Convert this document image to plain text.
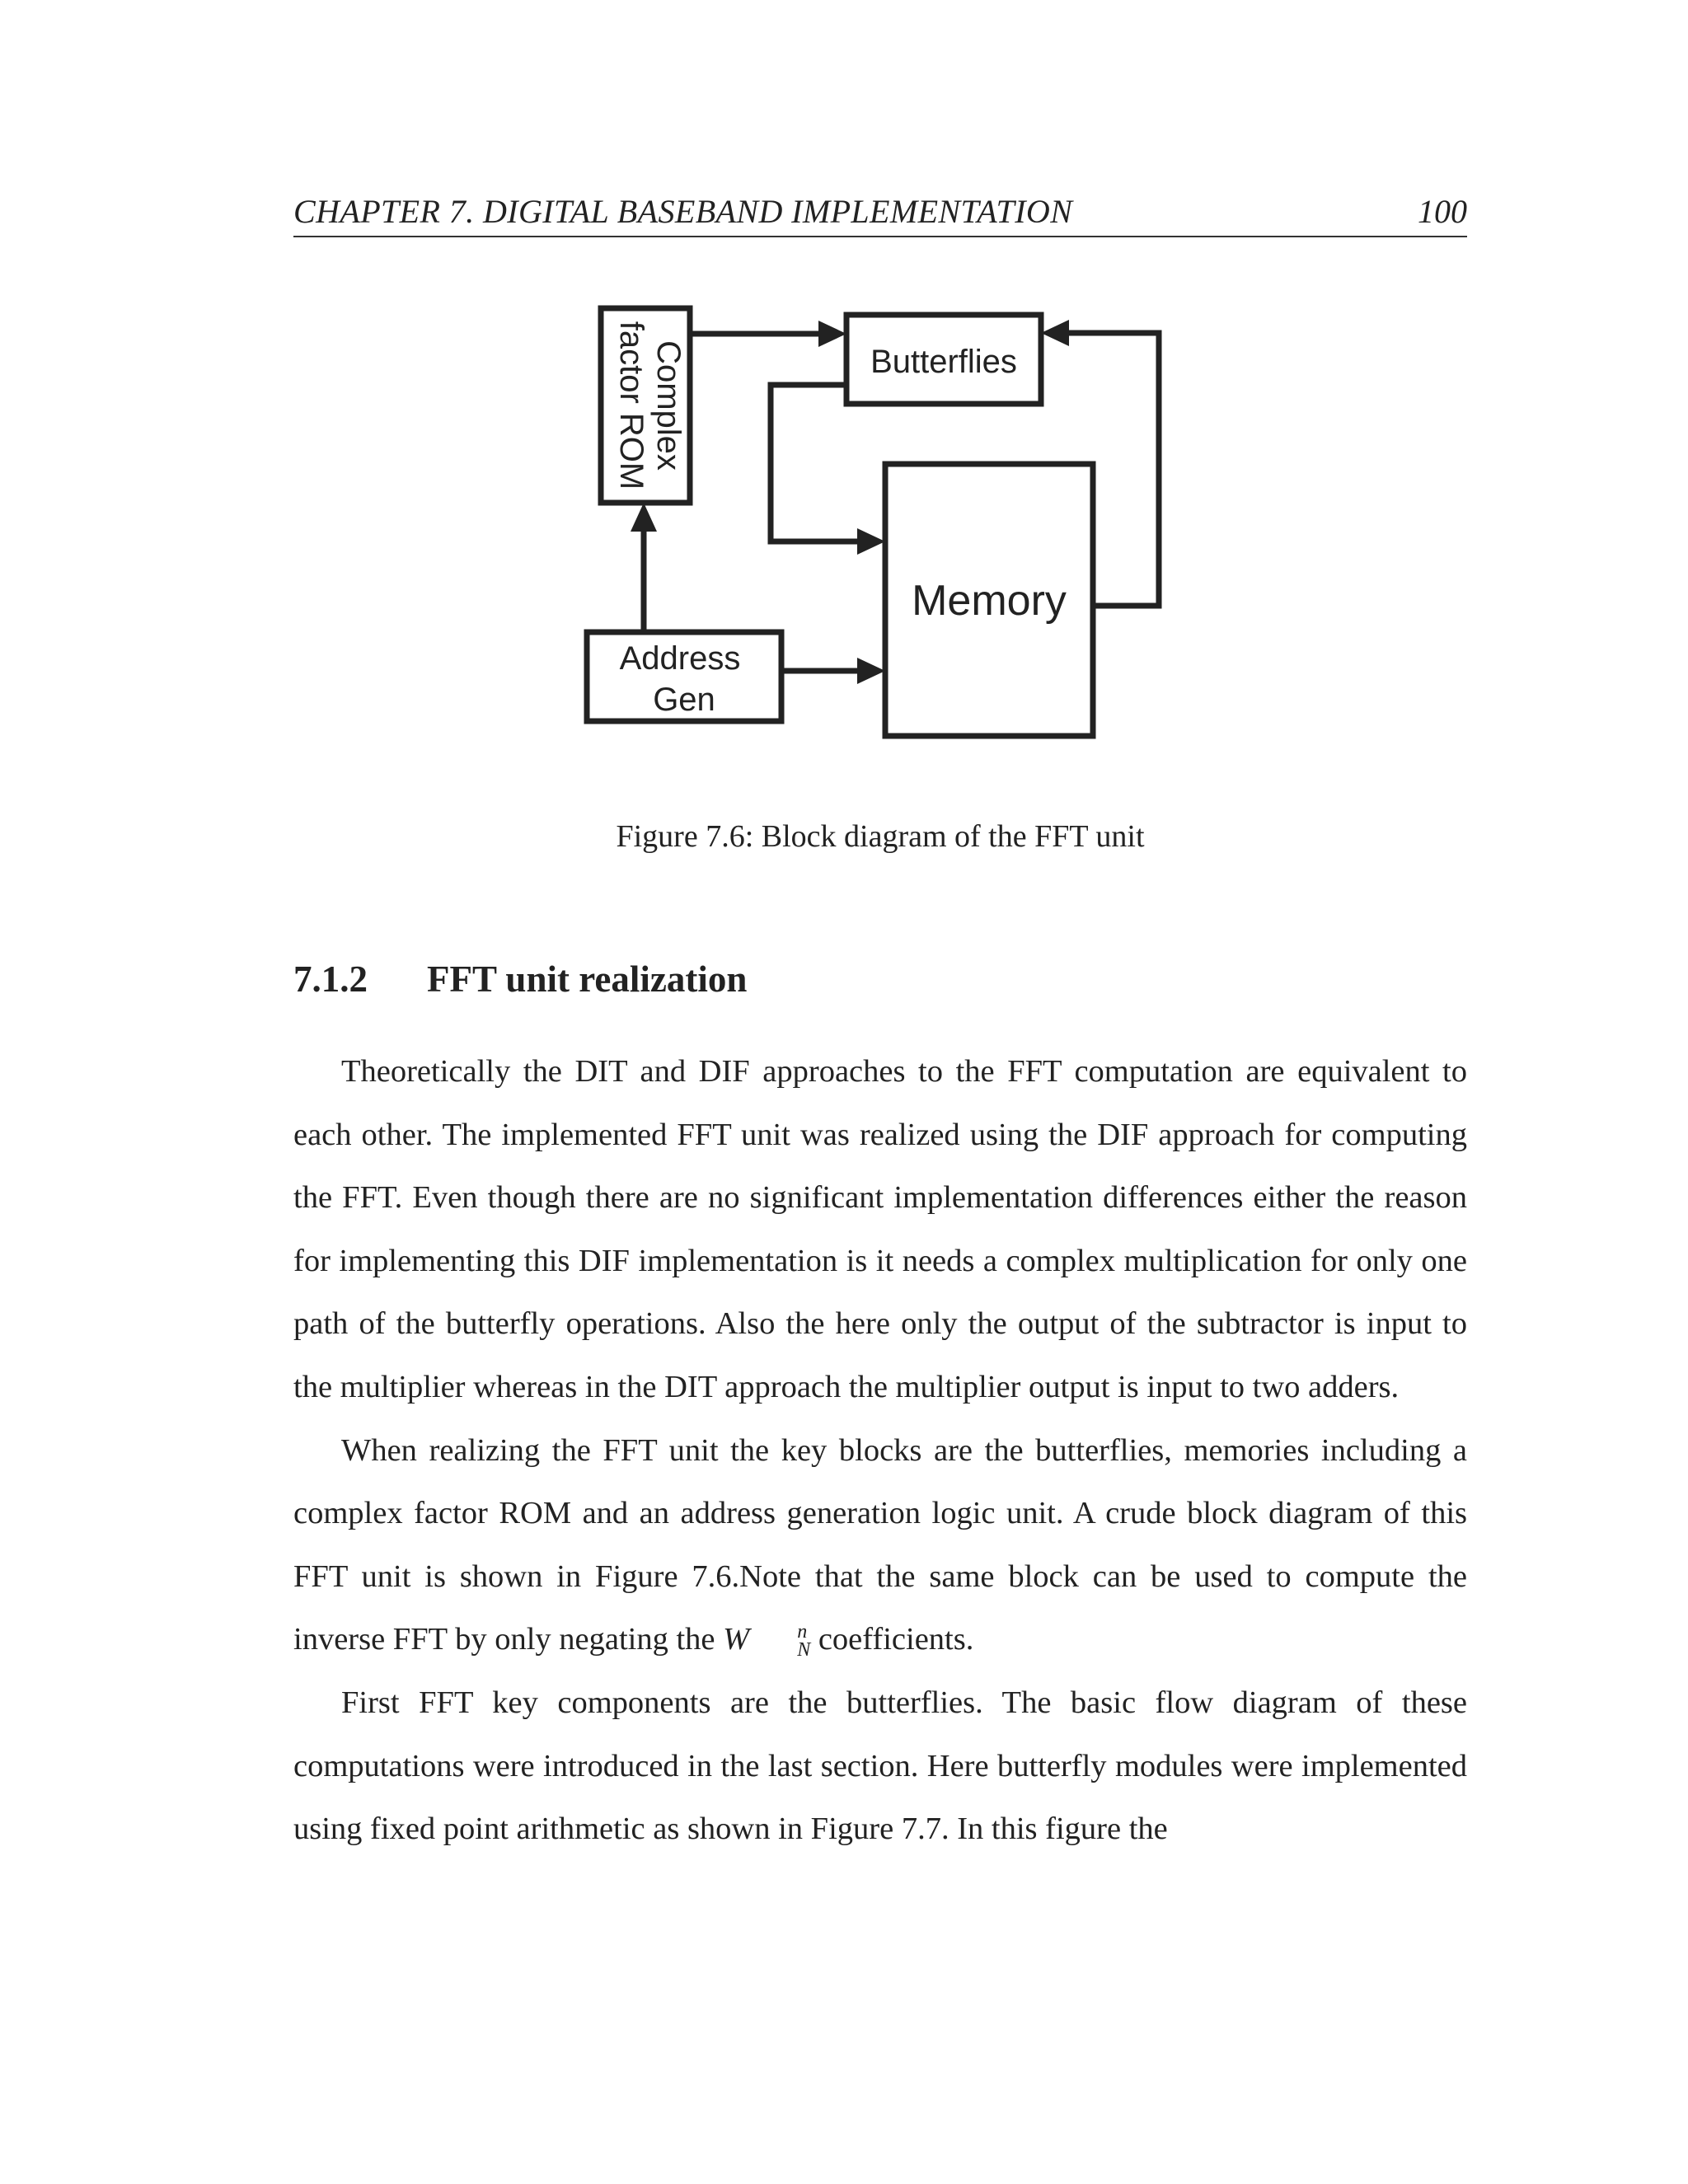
CHAPTER 7. DIGITAL BASEBAND IMPLEMENTATION	100
Complex
factor ROM	Butterflies
Memory
Address
Gen
Figure 7.6: Block diagram of the FFT unit
7.1.2 FFT unit realization

Theoretically the DIT and DIF approaches to the FFT computation are equivalent to each other. The implemented FFT unit was realized using the DIF approach for computing the FFT. Even though there are no significant implementation differences either the reason for implementing this DIF implementation is it needs a complex multiplication for only one path of the butterfly operations. Also the here only the output of the subtractor is input to the multiplier whereas in the DIT approach the multiplier output is input to two adders.

When realizing the FFT unit the key blocks are the butterflies, memories including a complex factor ROM and an address generation logic unit. A crude block diagram of this FFT unit is shown in Figure 7.6.Note that the same block can be used to compute the inverse FFT by only negating the W	n
N coefficients.

First FFT key components are the butterflies. The basic flow diagram of these computations were introduced in the last section. Here butterfly modules were implemented using fixed point arithmetic as shown in Figure 7.7. In this figure the
